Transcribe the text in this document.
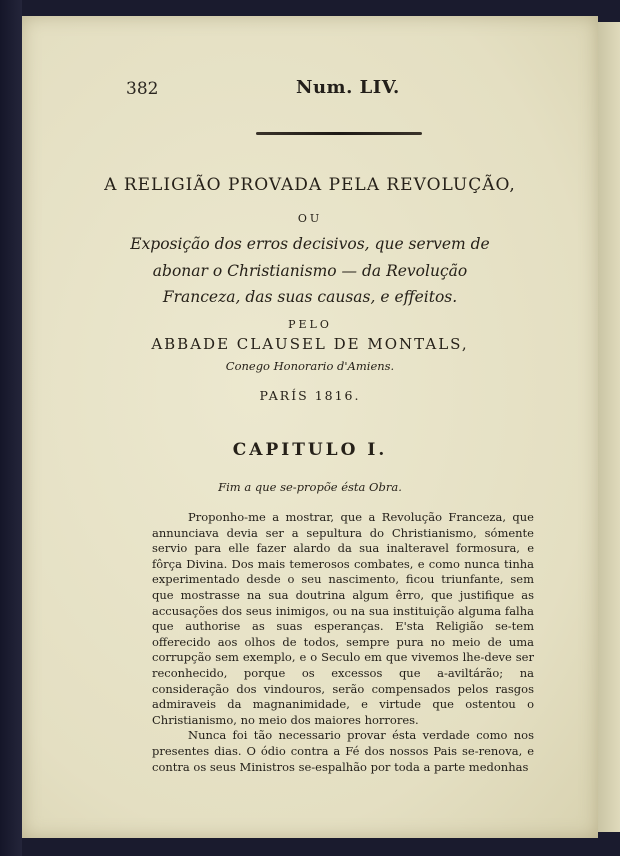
382	Num. LIV.
A RELIGIÃO PROVADA PELA REVOLUÇÃO,
OU
Exposição dos erros decisivos, que servem de
abonar o Christianismo — da Revolução
Franceza, das suas causas, e effeitos.
PELO
ABBADE CLAUSEL DE MONTALS,
Conego Honorario d'Amiens.
PARÍS 1816.
CAPITULO I.
Fim a que se-propõe ésta Obra.

Proponho-me a mostrar, que a Revolução Franceza, que annunciava devia ser a sepultura do Christianismo, sómente servio para elle fazer alardo da sua inalteravel formosura, e fôrça Divina. Dos mais temerosos combates, e como nunca tinha experimentado desde o seu nascimento, ficou triunfante, sem que mostrasse na sua doutrina algum êrro, que justifique as accusações dos seus inimigos, ou na sua instituição alguma falha que authorise as suas esperanças. E'sta Religião se-tem offerecido aos olhos de todos, sempre pura no meio de uma corrupção sem exemplo, e o Seculo em que vivemos lhe-deve ser reconhecido, porque os excessos que a-aviltárão; na consideração dos vindouros, serão compensados pelos rasgos admiraveis da magnanimidade, e virtude que ostentou o Christianismo, no meio dos maiores horrores.

Nunca foi tão necessario provar ésta verdade como nos presentes dias. O ódio contra a Fé dos nossos Pais se-renova, e contra os seus Ministros se-espalhão por toda a parte medonhas
